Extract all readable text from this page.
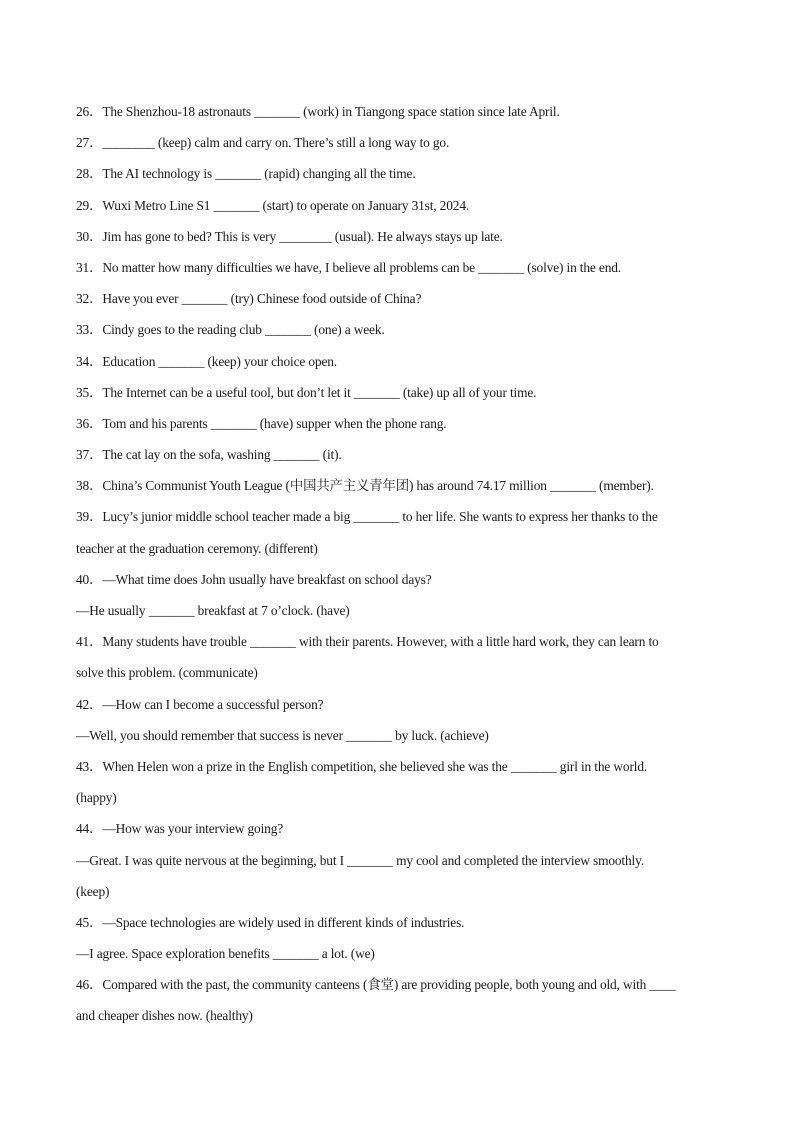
26．The Shenzhou-18 astronauts _______ (work) in Tiangong space station since late April.
27．________ (keep) calm and carry on. There’s still a long way to go.
28．The AI technology is _______ (rapid) changing all the time.
29．Wuxi Metro Line S1 _______ (start) to operate on January 31st, 2024.
30．Jim has gone to bed? This is very ________ (usual). He always stays up late.
31．No matter how many difficulties we have, I believe all problems can be _______ (solve) in the end.
32．Have you ever _______ (try) Chinese food outside of China?
33．Cindy goes to the reading club _______ (one) a week.
34．Education _______ (keep) your choice open.
35．The Internet can be a useful tool, but don’t let it _______ (take) up all of your time.
36．Tom and his parents _______ (have) supper when the phone rang.
37．The cat lay on the sofa, washing _______ (it).
38．China’s Communist Youth League (中国共产主义青年团) has around 74.17 million _______ (member).
39．Lucy’s junior middle school teacher made a big _______ to her life. She wants to express her thanks to the
teacher at the graduation ceremony. (different)
40．—What time does John usually have breakfast on school days?
—He usually _______ breakfast at 7 o’clock. (have)
41．Many students have trouble _______ with their parents. However, with a little hard work, they can learn to
solve this problem. (communicate)
42．—How can I become a successful person?
—Well, you should remember that success is never _______ by luck. (achieve)
43．When Helen won a prize in the English competition, she believed she was the _______ girl in the world.
(happy)
44．—How was your interview going?
—Great. I was quite nervous at the beginning, but I _______ my cool and completed the interview smoothly.
(keep)
45．—Space technologies are widely used in different kinds of industries.
—I agree. Space exploration benefits _______ a lot. (we)
46．Compared with the past, the community canteens (食堂) are providing people, both young and old, with ____
and cheaper dishes now. (healthy)
